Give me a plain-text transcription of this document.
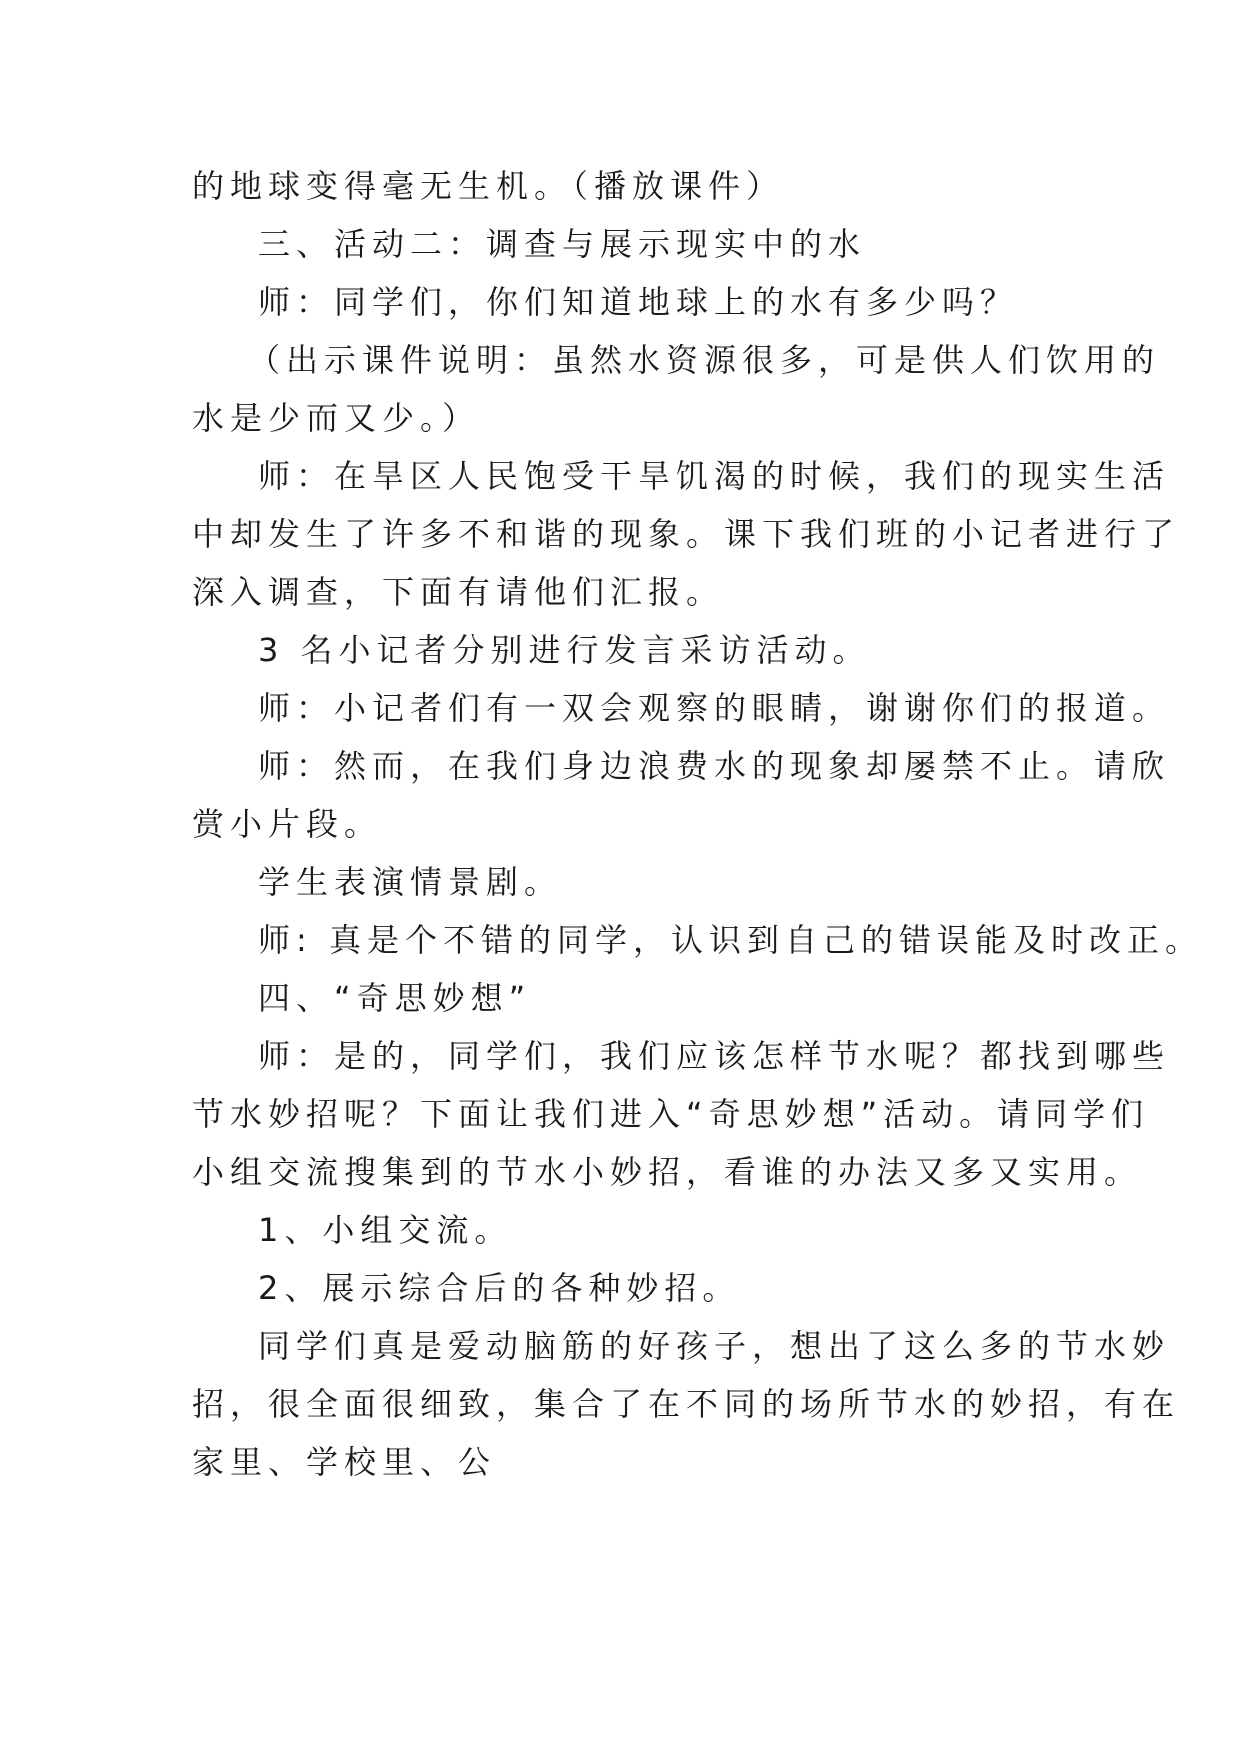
的地球变得毫无生机。（播放课件）
三、活动二：调查与展示现实中的水
师：同学们，你们知道地球上的水有多少吗？
（出示课件说明：虽然水资源很多，可是供人们饮用的
水是少而又少。）
师：在旱区人民饱受干旱饥渴的时候，我们的现实生活
中却发生了许多不和谐的现象。课下我们班的小记者进行了
深入调查，下面有请他们汇报。
3 名小记者分别进行发言采访活动。
师：小记者们有一双会观察的眼睛，谢谢你们的报道。
师：然而，在我们身边浪费水的现象却屡禁不止。请欣
赏小片段。
学生表演情景剧。
师: 真是个不错的同学，认识到自己的错误能及时改正。
四、“奇思妙想”
师：是的，同学们，我们应该怎样节水呢？都找到哪些
节水妙招呢？下面让我们进入“奇思妙想”活动。请同学们
小组交流搜集到的节水小妙招，看谁的办法又多又实用。
1、小组交流。
2、展示综合后的各种妙招。
同学们真是爱动脑筋的好孩子，想出了这么多的节水妙
招，很全面很细致，集合了在不同的场所节水的妙招，有在
家里、学校里、公
